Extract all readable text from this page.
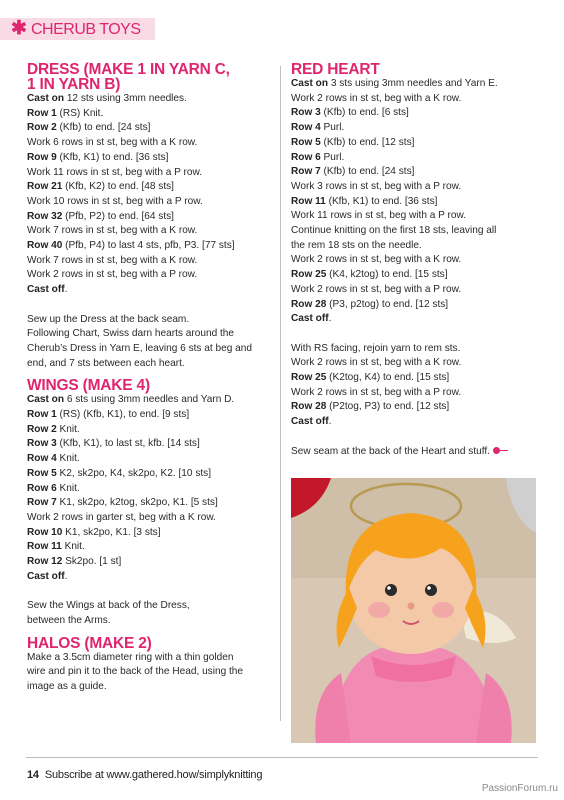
✱ CHERUB TOYS
DRESS (MAKE 1 IN YARN C,
1 IN YARN B)
Cast on 12 sts using 3mm needles.
Row 1 (RS) Knit.
Row 2 (Kfb) to end. [24 sts]
Work 6 rows in st st, beg with a K row.
Row 9 (Kfb, K1) to end. [36 sts]
Work 11 rows in st st, beg with a P row.
Row 21 (Kfb, K2) to end. [48 sts]
Work 10 rows in st st, beg with a P row.
Row 32 (Pfb, P2) to end. [64 sts]
Work 7 rows in st st, beg with a K row.
Row 40 (Pfb, P4) to last 4 sts, pfb, P3. [77 sts]
Work 7 rows in st st, beg with a K row.
Work 2 rows in st st, beg with a P row.
Cast off.
Sew up the Dress at the back seam.
Following Chart, Swiss darn hearts around the
Cherub’s Dress in Yarn E, leaving 6 sts at beg and
end, and 7 sts between each heart.
WINGS (MAKE 4)
Cast on 6 sts using 3mm needles and Yarn D.
Row 1 (RS) (Kfb, K1), to end. [9 sts]
Row 2 Knit.
Row 3 (Kfb, K1), to last st, kfb. [14 sts]
Row 4 Knit.
Row 5 K2, sk2po, K4, sk2po, K2. [10 sts]
Row 6 Knit.
Row 7 K1, sk2po, k2tog, sk2po, K1. [5 sts]
Work 2 rows in garter st, beg with a K row.
Row 10 K1, sk2po, K1. [3 sts]
Row 11 Knit.
Row 12 Sk2po. [1 st]
Cast off.
Sew the Wings at back of the Dress,
between the Arms.
HALOS (MAKE 2)
Make a 3.5cm diameter ring with a thin golden
wire and pin it to the back of the Head, using the
image as a guide.
RED HEART
Cast on 3 sts using 3mm needles and Yarn E.
Work 2 rows in st st, beg with a K row.
Row 3 (Kfb) to end. [6 sts]
Row 4 Purl.
Row 5 (Kfb) to end. [12 sts]
Row 6 Purl.
Row 7 (Kfb) to end. [24 sts]
Work 3 rows in st st, beg with a P row.
Row 11 (Kfb, K1) to end. [36 sts]
Work 11 rows in st st, beg with a P row.
Continue knitting on the first 18 sts, leaving all
the rem 18 sts on the needle.
Work 2 rows in st st, beg with a K row.
Row 25 (K4, k2tog) to end. [15 sts]
Work 2 rows in st st, beg with a P row.
Row 28 (P3, p2tog) to end. [12 sts]
Cast off.
With RS facing, rejoin yarn to rem sts.
Work 2 rows in st st, beg with a K row.
Row 25 (K2tog, K4) to end. [15 sts]
Work 2 rows in st st, beg with a P row.
Row 28 (P2tog, P3) to end. [12 sts]
Cast off.
Sew seam at the back of the Heart and stuff.
14 Subscribe at www.gathered.how/simplyknitting
PassionForum.ru
